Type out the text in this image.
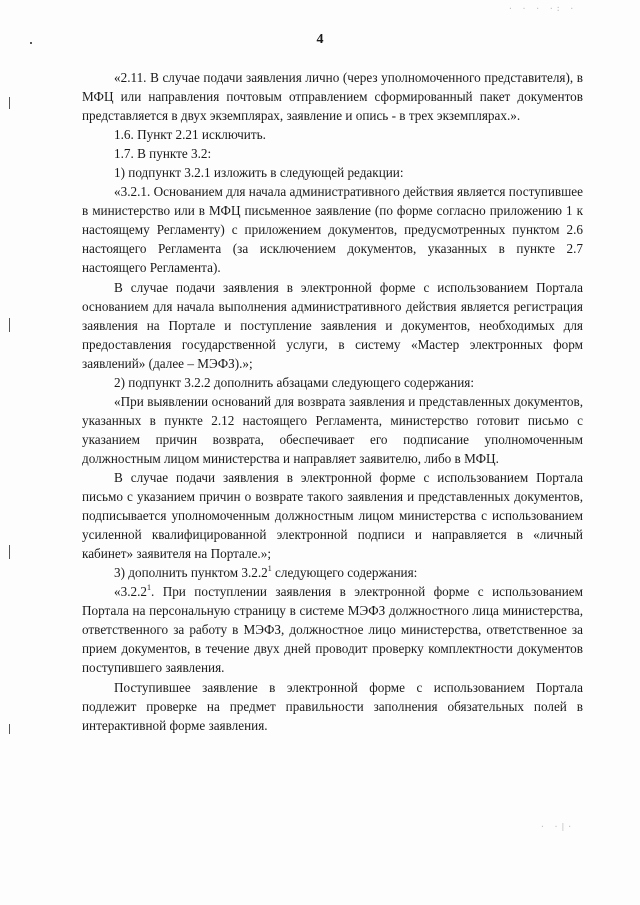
· · · ·: ·
· ·|·
4

«2.11. В случае подачи заявления лично (через уполномоченного представителя), в МФЦ или направления почтовым отправлением сформированный пакет документов представляется в двух экземплярах, заявление и опись - в трех экземплярах.».

1.6. Пункт 2.21 исключить.

1.7. В пункте 3.2:

1) подпункт 3.2.1 изложить в следующей редакции:

«3.2.1. Основанием для начала административного действия является поступившее в министерство или в МФЦ письменное заявление (по форме согласно приложению 1 к настоящему Регламенту) с приложением документов, предусмотренных пунктом 2.6 настоящего Регламента (за исключением документов, указанных в пункте 2.7 настоящего Регламента).

В случае подачи заявления в электронной форме с использованием Портала основанием для начала выполнения административного действия является регистрация заявления на Портале и поступление заявления и документов, необходимых для предоставления государственной услуги, в систему «Мастер электронных форм заявлений» (далее – МЭФЗ).»;

2) подпункт 3.2.2 дополнить абзацами следующего содержания:

«При выявлении оснований для возврата заявления и представленных документов, указанных в пункте 2.12 настоящего Регламента, министерство готовит письмо с указанием причин возврата, обеспечивает его подписание уполномоченным должностным лицом министерства и направляет заявителю, либо в МФЦ.

В случае подачи заявления в электронной форме с использованием Портала письмо с указанием причин о возврате такого заявления и представленных документов, подписывается уполномоченным должностным лицом министерства с использованием усиленной квалифицированной электронной подписи и направляется в «личный кабинет» заявителя на Портале.»;

3) дополнить пунктом 3.2.2$^1$ следующего содержания:

«3.2.2$^1$. При поступлении заявления в электронной форме с использованием Портала на персональную страницу в системе МЭФЗ должностного лица министерства, ответственного за работу в МЭФЗ, должностное лицо министерства, ответственное за прием документов, в течение двух дней проводит проверку комплектности документов поступившего заявления.

Поступившее заявление в электронной форме с использованием Портала подлежит проверке на предмет правильности заполнения обязательных полей в интерактивной форме заявления.
